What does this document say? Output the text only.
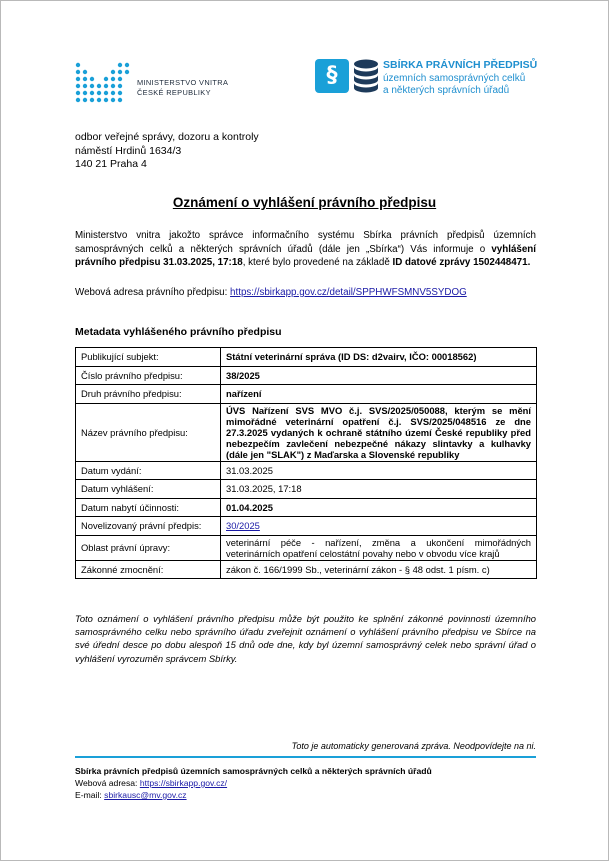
MINISTERSTVO VNITRA
ČESKÉ REPUBLIKY
§	SBÍRKA PRÁVNÍCH PŘEDPISŮ
územních samosprávných celků
a některých správních úřadů
odbor veřejné správy, dozoru a kontroly
náměstí Hrdinů 1634/3
140 21 Praha 4
Oznámení o vyhlášení právního předpisu
Ministerstvo vnitra jakožto správce informačního systému Sbírka právních předpisů územních samosprávných celků a některých správních úřadů (dále jen „Sbírka“) Vás informuje o vyhlášení právního předpisu 31.03.2025, 17:18, které bylo provedené na základě ID datové zprávy 1502448471.
Webová adresa právního předpisu: https://sbirkapp.gov.cz/detail/SPPHWFSMNV5SYDOG
Metadata vyhlášeného právního předpisu
Publikující subjekt:	Státní veterinární správa (ID DS: d2vairv, IČO: 00018562)
Číslo právního předpisu:	38/2025
Druh právního předpisu:	nařízení
Název právního předpisu:	ÚVS Nařízení SVS MVO č.j. SVS/2025/050088, kterým se mění mimořádné veterinární opatření č.j. SVS/2025/048516 ze dne 27.3.2025 vydaných k ochraně státního území České republiky před nebezpečím zavlečení nebezpečné nákazy slintavky a kulhavky (dále jen "SLAK") z Maďarska a Slovenské republiky
Datum vydání:	31.03.2025
Datum vyhlášení:	31.03.2025, 17:18
Datum nabytí účinnosti:	01.04.2025
Novelizovaný právní předpis:	30/2025
Oblast právní úpravy:	veterinární péče - nařízení, změna a ukončení mimořádných veterinárních opatření celostátní povahy nebo v obvodu více krajů
Zákonné zmocnění:	zákon č. 166/1999 Sb., veterinární zákon - § 48 odst. 1 písm. c)
Toto oznámení o vyhlášení právního předpisu může být použito ke splnění zákonné povinnosti územního samosprávného celku nebo správního úřadu zveřejnit oznámení o vyhlášení právního předpisu ve Sbírce na své úřední desce po dobu alespoň 15 dnů ode dne, kdy byl územní samosprávný celek nebo správní úřad o vyhlášení vyrozuměn správcem Sbírky.
Toto je automaticky generovaná zpráva. Neodpovídejte na ni.
Sbírka právních předpisů územních samosprávných celků a některých správních úřadů
Webová adresa: https://sbirkapp.gov.cz/
E-mail: sbirkausc@mv.gov.cz
